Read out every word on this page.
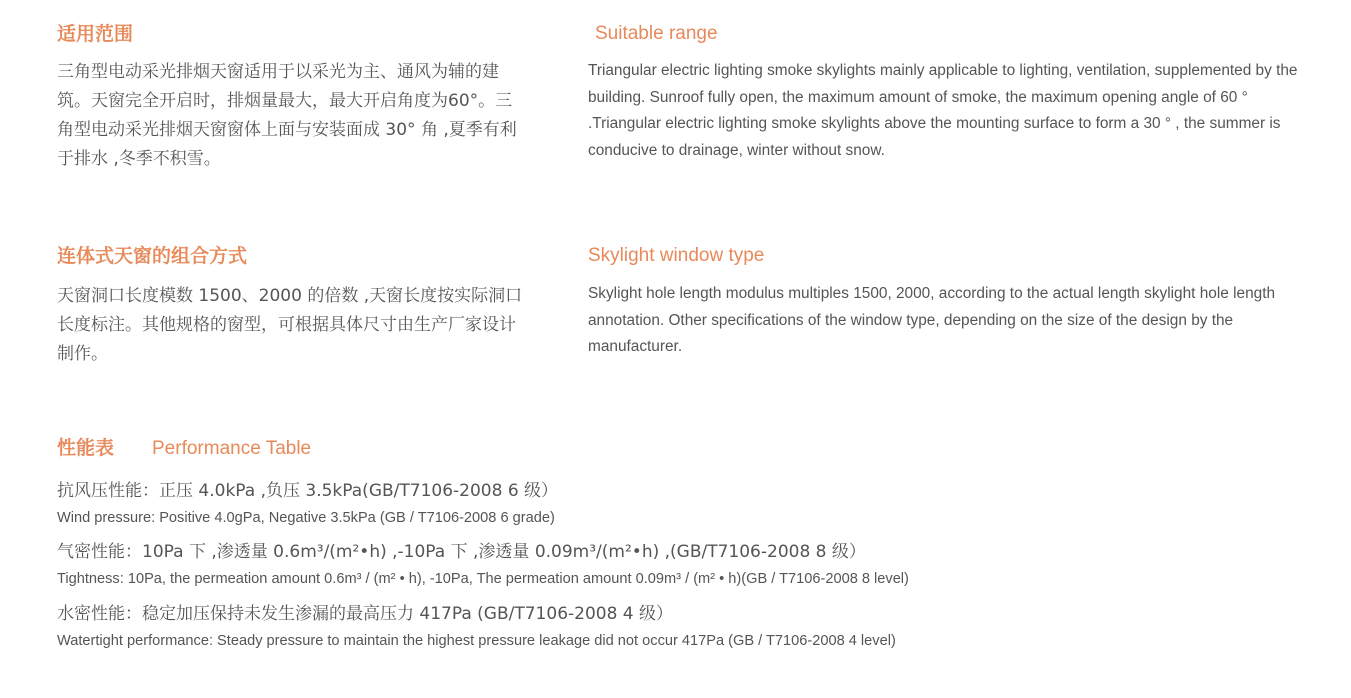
适用范围
三角型电动采光排烟天窗适用于以采光为主、通风为辅的建筑。天窗完全开启时，排烟量最大，最大开启角度为60°。三角型电动采光排烟天窗窗体上面与安装面成 30° 角 ,夏季有利于排水 ,冬季不积雪。
Suitable range
Triangular electric lighting smoke skylights mainly applicable to lighting, ventilation, supplemented by the building. Sunroof fully open, the maximum amount of smoke, the maximum opening angle of 60 ° .Triangular electric lighting smoke skylights above the mounting surface to form a 30 ° , the summer is conducive to drainage, winter without snow.
连体式天窗的组合方式
天窗洞口长度模数 1500、2000 的倍数 ,天窗长度按实际洞口长度标注。其他规格的窗型，可根据具体尺寸由生产厂家设计制作。
Skylight window type
Skylight hole length modulus multiples 1500, 2000, according to the actual length skylight hole length annotation. Other specifications of the window type, depending on the size of the design by the manufacturer.
性能表 Performance Table
抗风压性能：正压 4.0kPa ,负压 3.5kPa(GB/T7106-2008 6 级）
Wind pressure: Positive 4.0gPa, Negative 3.5kPa (GB / T7106-2008 6 grade)
气密性能：10Pa 下 ,渗透量 0.6m³/(m²•h) ,-10Pa 下 ,渗透量 0.09m³/(m²•h) ,(GB/T7106-2008 8 级）
Tightness: 10Pa, the permeation amount 0.6m³ / (m² • h), -10Pa, The permeation amount 0.09m³ / (m² • h)(GB / T7106-2008 8 level)
水密性能：稳定加压保持未发生渗漏的最高压力 417Pa (GB/T7106-2008 4 级）
Watertight performance: Steady pressure to maintain the highest pressure leakage did not occur 417Pa (GB / T7106-2008 4 level)
